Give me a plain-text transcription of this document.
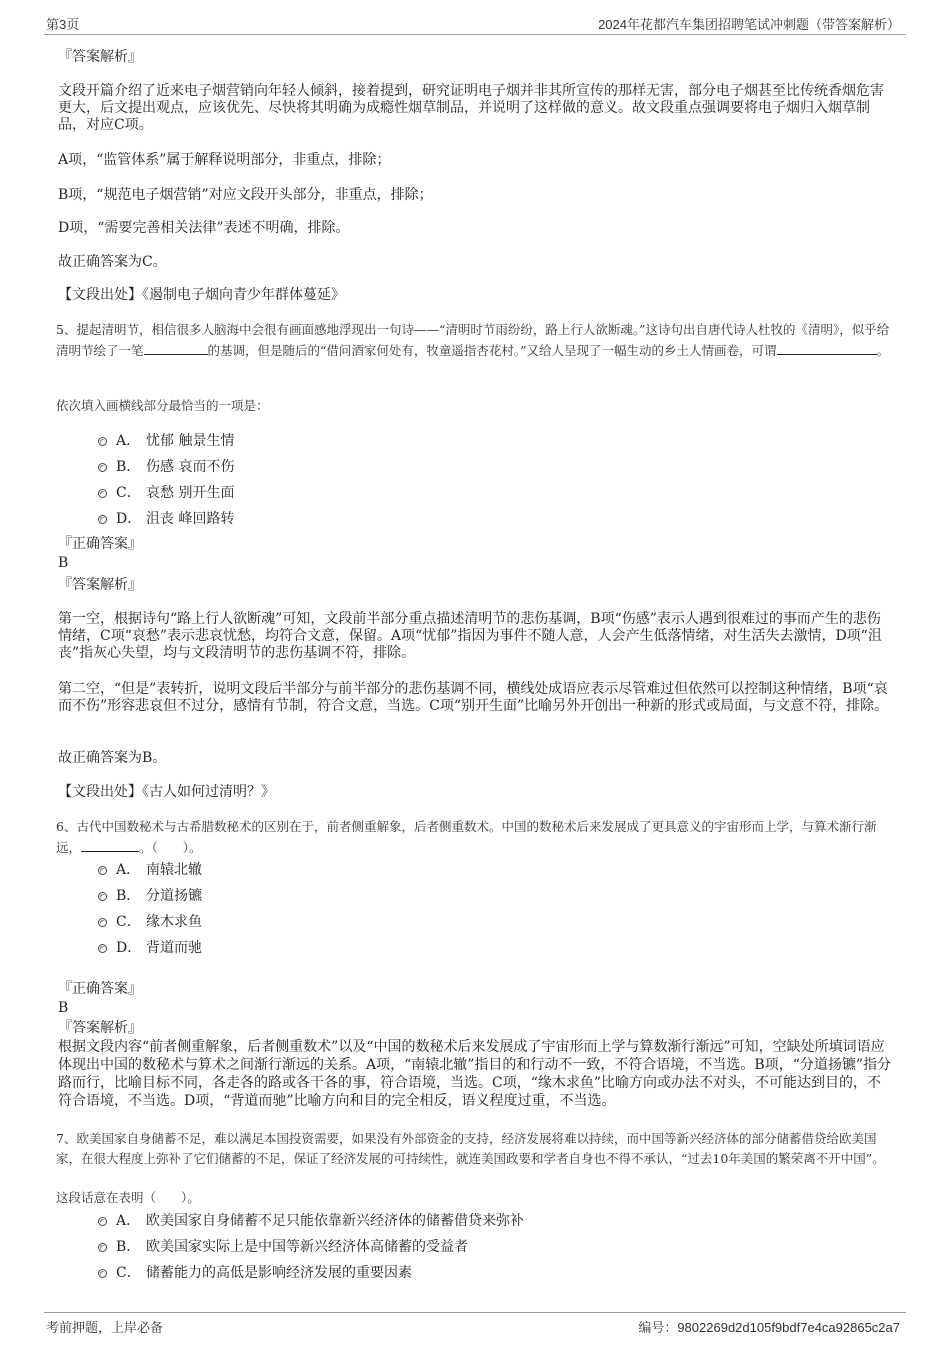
第3页	2024年花都汽车集团招聘笔试冲刺题（带答案解析）

『答案解析』

文段开篇介绍了近来电子烟营销向年轻人倾斜，接着提到，研究证明电子烟并非其所宣传的那样无害，部分电子烟甚至比传统香烟危害更大，后文提出观点，应该优先、尽快将其明确为成瘾性烟草制品，并说明了这样做的意义。故文段重点强调要将电子烟归入烟草制品，对应C项。

A项，“监管体系”属于解释说明部分，非重点，排除；

B项，“规范电子烟营销”对应文段开头部分，非重点，排除；

D项，“需要完善相关法律”表述不明确，排除。

故正确答案为C。

【文段出处】《遏制电子烟向青少年群体蔓延》

5、提起清明节，相信很多人脑海中会很有画面感地浮现出一句诗——“清明时节雨纷纷，路上行人欲断魂。”这诗句出自唐代诗人杜牧的《清明》，似乎给清明节绘了一笔	的基调，但是随后的“借问酒家何处有，牧童遥指杏花村。”又给人呈现了一幅生动的乡土人情画卷，可谓	。

依次填入画横线部分最恰当的一项是：

A． 忧郁 触景生情
B． 伤感 哀而不伤
C． 哀愁 别开生面
D． 沮丧 峰回路转

『正确答案』

B

『答案解析』

第一空，根据诗句“路上行人欲断魂”可知，文段前半部分重点描述清明节的悲伤基调，B项“伤感”表示人遇到很难过的事而产生的悲伤情绪，C项“哀愁”表示悲哀忧愁，均符合文意，保留。A项“忧郁”指因为事件不随人意，人会产生低落情绪，对生活失去激情，D项“沮丧”指灰心失望，均与文段清明节的悲伤基调不符，排除。

第二空，“但是”表转折，说明文段后半部分与前半部分的悲伤基调不同，横线处成语应表示尽管难过但依然可以控制这种情绪，B项“哀而不伤”形容悲哀但不过分，感情有节制，符合文意，当选。C项“别开生面”比喻另外开创出一种新的形式或局面，与文意不符，排除。

故正确答案为B。

【文段出处】《古人如何过清明？》

6、古代中国数秘术与古希腊数秘术的区别在于，前者侧重解象，后者侧重数术。中国的数秘术后来发展成了更具意义的宇宙形而上学，与算术渐行渐远，	。（　　）。
A． 南辕北辙
B． 分道扬镳
C． 缘木求鱼
D． 背道而驰

『正确答案』

B

『答案解析』

根据文段内容“前者侧重解象，后者侧重数术”以及“中国的数秘术后来发展成了宇宙形而上学与算数渐行渐远”可知，空缺处所填词语应体现出中国的数秘术与算术之间渐行渐远的关系。A项，“南辕北辙”指目的和行动不一致，不符合语境，不当选。B项，“分道扬镳”指分路而行，比喻目标不同，各走各的路或各干各的事，符合语境，当选。C项，“缘木求鱼”比喻方向或办法不对头，不可能达到目的，不符合语境，不当选。D项，“背道而驰”比喻方向和目的完全相反，语义程度过重，不当选。

7、欧美国家自身储蓄不足，难以满足本国投资需要，如果没有外部资金的支持，经济发展将难以持续，而中国等新兴经济体的部分储蓄借贷给欧美国家，在很大程度上弥补了它们储蓄的不足，保证了经济发展的可持续性，就连美国政要和学者自身也不得不承认，“过去10年美国的繁荣离不开中国”。

这段话意在表明（　　）。

A． 欧美国家自身储蓄不足只能依靠新兴经济体的储蓄借贷来弥补
B． 欧美国家实际上是中国等新兴经济体高储蓄的受益者
C． 储蓄能力的高低是影响经济发展的重要因素
考前押题，上岸必备	编号：9802269d2d105f9bdf7e4ca92865c2a7
